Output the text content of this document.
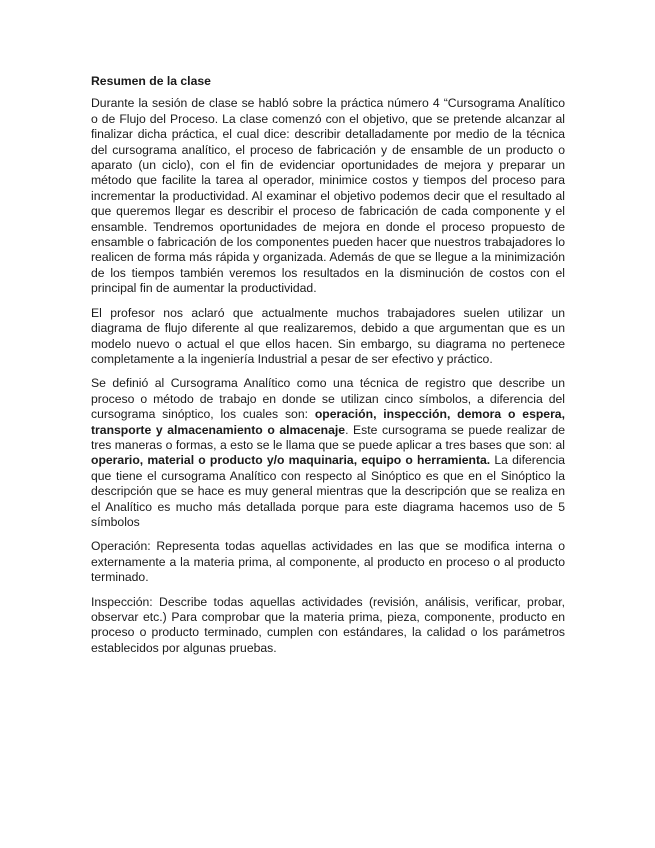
Resumen de la clase

Durante la sesión de clase se habló sobre la práctica número 4 “Cursograma Analítico o de Flujo del Proceso. La clase comenzó con el objetivo, que se pretende alcanzar al finalizar dicha práctica, el cual dice: describir detalladamente por medio de la técnica del cursograma analítico, el proceso de fabricación y de ensamble de un producto o aparato (un ciclo), con el fin de evidenciar oportunidades de mejora y preparar un método que facilite la tarea al operador, minimice costos y tiempos del proceso para incrementar la productividad. Al examinar el objetivo podemos decir que el resultado al que queremos llegar es describir el proceso de fabricación de cada componente y el ensamble. Tendremos oportunidades de mejora en donde el proceso propuesto de ensamble o fabricación de los componentes pueden hacer que nuestros trabajadores lo realicen de forma más rápida y organizada. Además de que se llegue a la minimización de los tiempos también veremos los resultados en la disminución de costos con el principal fin de aumentar la productividad.

El profesor nos aclaró que actualmente muchos trabajadores suelen utilizar un diagrama de flujo diferente al que realizaremos, debido a que argumentan que es un modelo nuevo o actual el que ellos hacen. Sin embargo, su diagrama no pertenece completamente a la ingeniería Industrial a pesar de ser efectivo y práctico.

Se definió al Cursograma Analítico como una técnica de registro que describe un proceso o método de trabajo en donde se utilizan cinco símbolos, a diferencia del cursograma sinóptico, los cuales son: operación, inspección, demora o espera, transporte y almacenamiento o almacenaje. Este cursograma se puede realizar de tres maneras o formas, a esto se le llama que se puede aplicar a tres bases que son: al operario, material o producto y/o maquinaria, equipo o herramienta. La diferencia que tiene el cursograma Analítico con respecto al Sinóptico es que en el Sinóptico la descripción que se hace es muy general mientras que la descripción que se realiza en el Analítico es mucho más detallada porque para este diagrama hacemos uso de 5 símbolos

Operación: Representa todas aquellas actividades en las que se modifica interna o externamente a la materia prima, al componente, al producto en proceso o al producto terminado.

Inspección: Describe todas aquellas actividades (revisión, análisis, verificar, probar, observar etc.) Para comprobar que la materia prima, pieza, componente, producto en proceso o producto terminado, cumplen con estándares, la calidad o los parámetros establecidos por algunas pruebas.
